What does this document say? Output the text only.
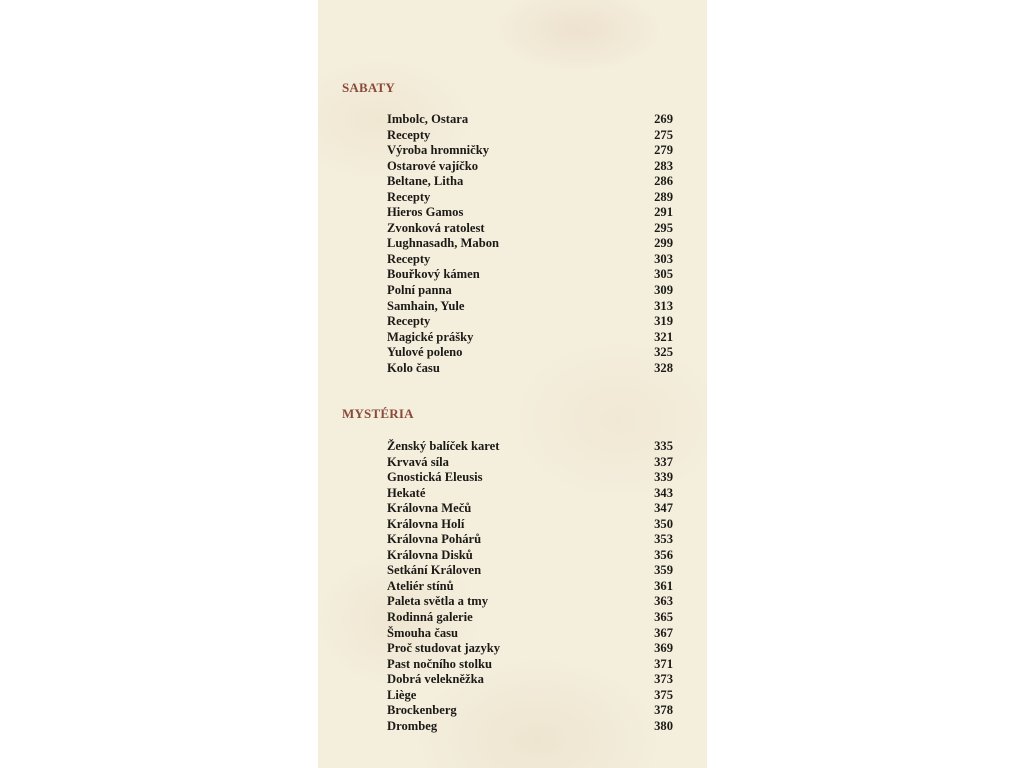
SABATY
Imbolc, Ostara	269
Recepty	275
Výroba hromničky	279
Ostarové vajíčko	283
Beltane, Litha	286
Recepty	289
Hieros Gamos	291
Zvonková ratolest	295
Lughnasadh, Mabon	299
Recepty	303
Bouřkový kámen	305
Polní panna	309
Samhain, Yule	313
Recepty	319
Magické prášky	321
Yulové poleno	325
Kolo času	328
MYSTÉRIA
Ženský balíček karet	335
Krvavá síla	337
Gnostická Eleusis	339
Hekaté	343
Královna Mečů	347
Královna Holí	350
Královna Pohárů	353
Královna Disků	356
Setkání Královen	359
Ateliér stínů	361
Paleta světla a tmy	363
Rodinná galerie	365
Šmouha času	367
Proč studovat jazyky	369
Past nočního stolku	371
Dobrá velekněžka	373
Liège	375
Brockenberg	378
Drombeg	380
